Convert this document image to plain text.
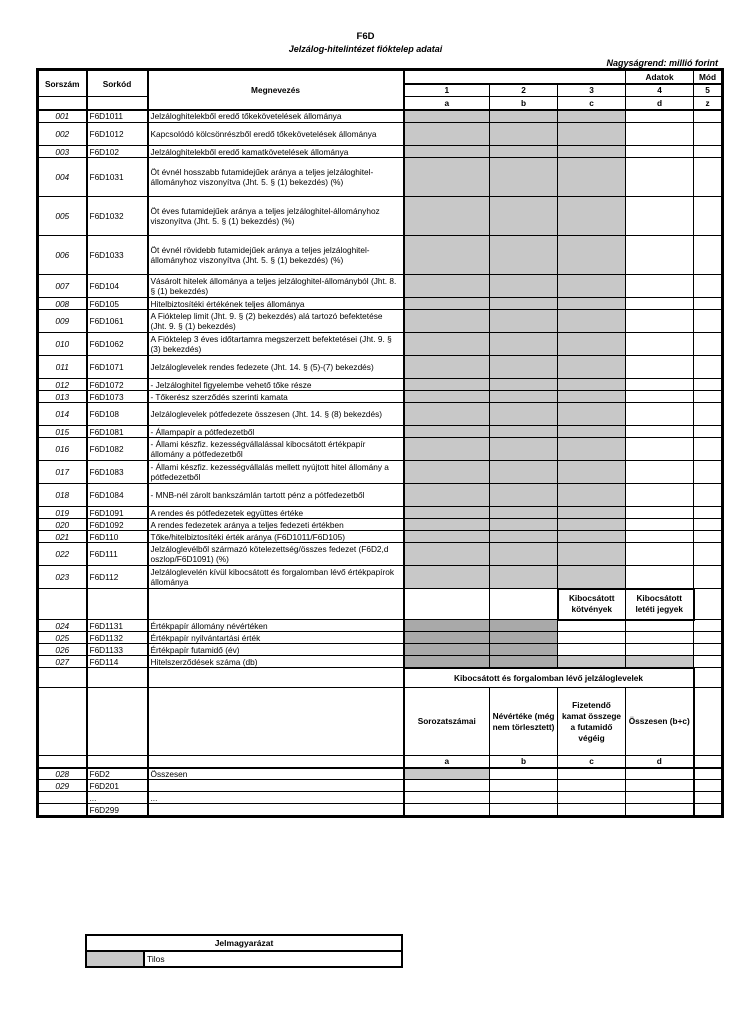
F6D
Jelzálog-hitelintézet fióktelep adatai
Nagyságrend: millió forint
Sorszám	Sorkód	Megnevezés				Adatok	Mód

			1	2	3	4	5
			a	b	c	d	z
001	F6D1011	Jelzáloghitelekből eredő tőkekövetelések állománya					
002	F6D1012	Kapcsolódó kölcsönrészből eredő tőkekövetelések állománya					
003	F6D102	Jelzáloghitelekből eredő kamatkövetelések állománya					
004	F6D1031	Öt évnél hosszabb futamidejűek aránya a teljes jelzáloghitel-állományhoz viszonyítva (Jht. 5. § (1) bekezdés) (%)					
005	F6D1032	Öt éves futamidejűek aránya a teljes jelzáloghitel-állományhoz viszonyítva (Jht. 5. § (1) bekezdés) (%)					
006	F6D1033	Öt évnél rövidebb futamidejűek aránya a teljes jelzáloghitel-állományhoz viszonyítva (Jht. 5. § (1) bekezdés) (%)					
007	F6D104	Vásárolt hitelek állománya a teljes jelzáloghitel-állományból (Jht. 8. § (1) bekezdés)					
008	F6D105	Hitelbiztosítéki értékének teljes állománya					
009	F6D1061	A Fióktelep limit (Jht. 9. § (2) bekezdés) alá tartozó befektetése (Jht. 9. § (1) bekezdés)					
010	F6D1062	A Fióktelep 3 éves időtartamra megszerzett befektetései (Jht. 9. § (3) bekezdés)					
011	F6D1071	Jelzáloglevelek rendes fedezete (Jht. 14. § (5)-(7) bekezdés)					
012	F6D1072	- Jelzáloghitel figyelembe vehető tőke része					
013	F6D1073	- Tőkerész szerződés szerinti kamata					
014	F6D108	Jelzáloglevelek pótfedezete összesen (Jht. 14. § (8) bekezdés)					
015	F6D1081	- Állampapír a pótfedezetből					
016	F6D1082	- Állami készfiz. kezességvállalással kibocsátott értékpapír állomány a pótfedezetből					
017	F6D1083	- Állami készfiz. kezességvállalás mellett nyújtott hitel állomány a pótfedezetből					
018	F6D1084	- MNB-nél zárolt bankszámlán tartott pénz a pótfedezetből					
019	F6D1091	A rendes és pótfedezetek együttes értéke					
020	F6D1092	A rendes fedezetek aránya a teljes fedezeti értékben					
021	F6D110	Tőke/hitelbiztosítéki érték aránya (F6D1011/F6D105)					
022	F6D111	Jelzáloglevélből származó kötelezettség/összes fedezet (F6D2,d oszlop/F6D1091) (%)					
023	F6D112	Jelzáloglevelén kívül kibocsátott és forgalomban lévő értékpapírok állománya					
					Kibocsátott kötvények	Kibocsátott letéti jegyek	
024	F6D1131	Értékpapír állomány névértéken					
025	F6D1132	Értékpapír nyilvántartási érték					
026	F6D1133	Értékpapír futamidő (év)					
027	F6D114	Hitelszerződések száma (db)					
			Kibocsátott és forgalomban lévő jelzáloglevelek				
			Sorozatszámai	Névértéke (még nem törlesztett)	Fizetendő kamat összege a futamidő végéig	Összesen (b+c)	
			a	b	c	d	
028	F6D2	Összesen					
029	F6D201						
	...	...					
	F6D299						
Jelmagyarázat
	Tilos
